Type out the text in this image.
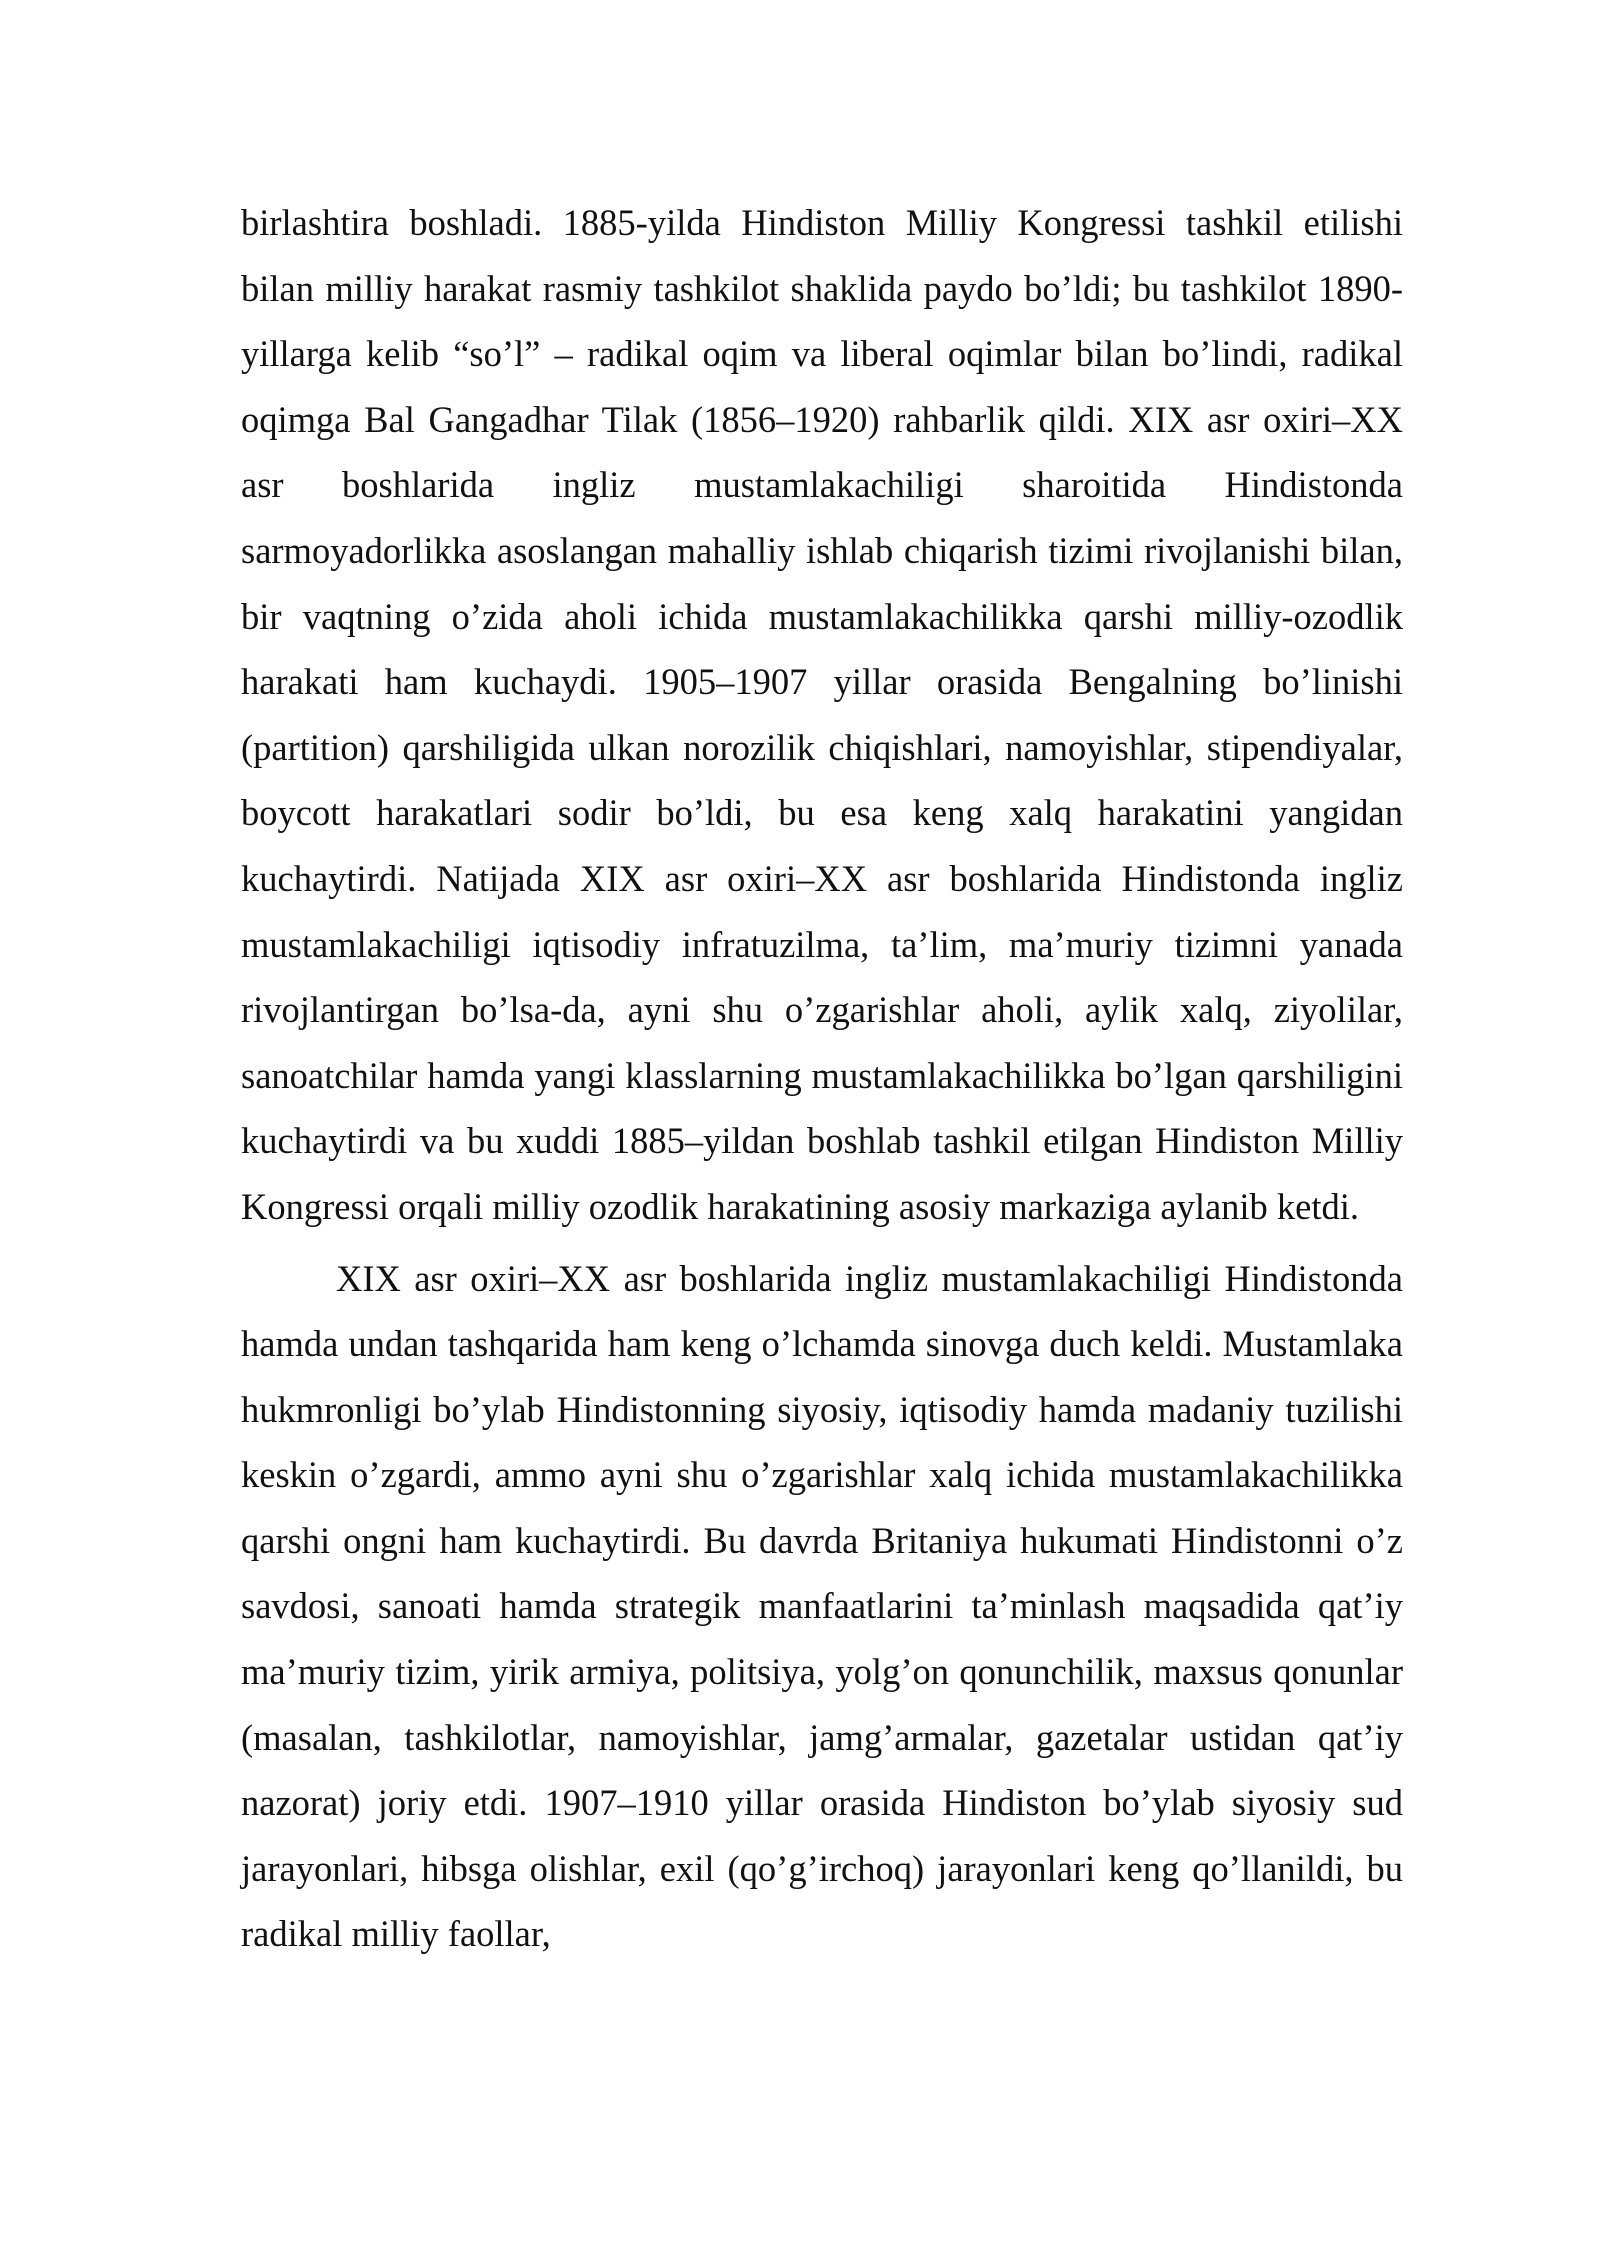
birlashtira boshladi. 1885-yilda Hindiston Milliy Kongressi tashkil etilishi bilan milliy harakat rasmiy tashkilot shaklida paydo bo’ldi; bu tashkilot 1890-yillarga kelib “so’l” – radikal oqim va liberal oqimlar bilan bo’lindi, radikal oqimga Bal Gangadhar Tilak (1856–1920) rahbarlik qildi. XIX asr oxiri–XX asr boshlarida ingliz mustamlakachiligi sharoitida Hindistonda sarmoyadorlikka asoslangan mahalliy ishlab chiqarish tizimi rivojlanishi bilan, bir vaqtning o’zida aholi ichida mustamlakachilikka qarshi milliy-ozodlik harakati ham kuchaydi. 1905–1907 yillar orasida Bengalning bo’linishi (partition) qarshiligida ulkan norozilik chiqishlari, namoyishlar, stipendiyalar, boycott harakatlari sodir bo’ldi, bu esa keng xalq harakatini yangidan kuchaytirdi. Natijada XIX asr oxiri–XX asr boshlarida Hindistonda ingliz mustamlakachiligi iqtisodiy infratuzilma, ta’lim, ma’muriy tizimni yanada rivojlantirgan bo’lsa-da, ayni shu o’zgarishlar aholi, aylik xalq, ziyolilar, sanoatchilar hamda yangi klasslarning mustamlakachilikka bo’lgan qarshiligini kuchaytirdi va bu xuddi 1885–yildan boshlab tashkil etilgan Hindiston Milliy Kongressi orqali milliy ozodlik harakatining asosiy markaziga aylanib ketdi.

XIX asr oxiri–XX asr boshlarida ingliz mustamlakachiligi Hindistonda hamda undan tashqarida ham keng o’lchamda sinovga duch keldi. Mustamlaka hukmronligi bo’ylab Hindistonning siyosiy, iqtisodiy hamda madaniy tuzilishi keskin o’zgardi, ammo ayni shu o’zgarishlar xalq ichida mustamlakachilikka qarshi ongni ham kuchaytirdi. Bu davrda Britaniya hukumati Hindistonni o’z savdosi, sanoati hamda strategik manfaatlarini ta’minlash maqsadida qat’iy ma’muriy tizim, yirik armiya, politsiya, yolg’on qonunchilik, maxsus qonunlar (masalan, tashkilotlar, namoyishlar, jamg’armalar, gazetalar ustidan qat’iy nazorat) joriy etdi. 1907–1910 yillar orasida Hindiston bo’ylab siyosiy sud jarayonlari, hibsga olishlar, exil (qo’g’irchoq) jarayonlari keng qo’llanildi, bu radikal milliy faollar,
